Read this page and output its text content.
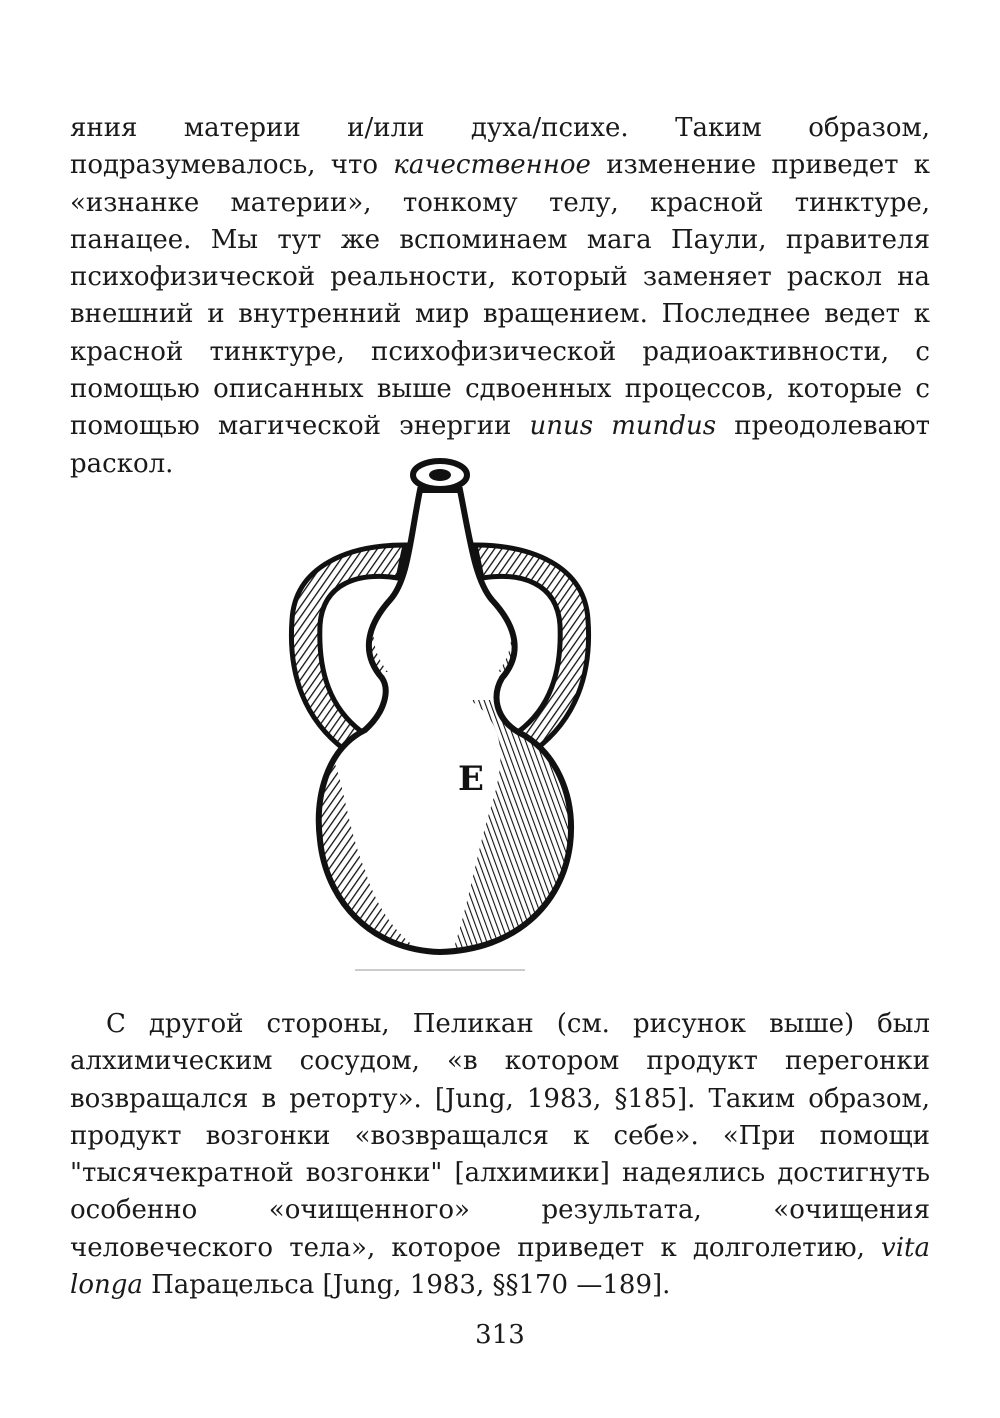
яния материи и/или духа/психе. Таким образом, подразумевалось, что качественное изменение приведет к «изнанке материи», тонкому телу, красной тинктуре, панацее. Мы тут же вспоминаем мага Паули, правителя психофизической реальности, который заменяет раскол на внешний и внутренний мир вращением. Последнее ведет к красной тинктуре, психофизической радиоактивности, с помощью описанных выше сдвоенных процессов, которые с помощью магической энергии unus mundus преодолевают раскол.

E

С другой стороны, Пеликан (см. рисунок выше) был алхимическим сосудом, «в котором продукт перегонки возвращался в реторту». [Jung, 1983, §185]. Таким образом, продукт возгонки «возвращался к себе». «При помощи "тысячекратной возгонки" [алхимики] надеялись достигнуть особенно «очищенного» результата, «очищения человеческого тела», которое приведет к долголетию, vita longa Парацельса [Jung, 1983, §§170 —189].

313
